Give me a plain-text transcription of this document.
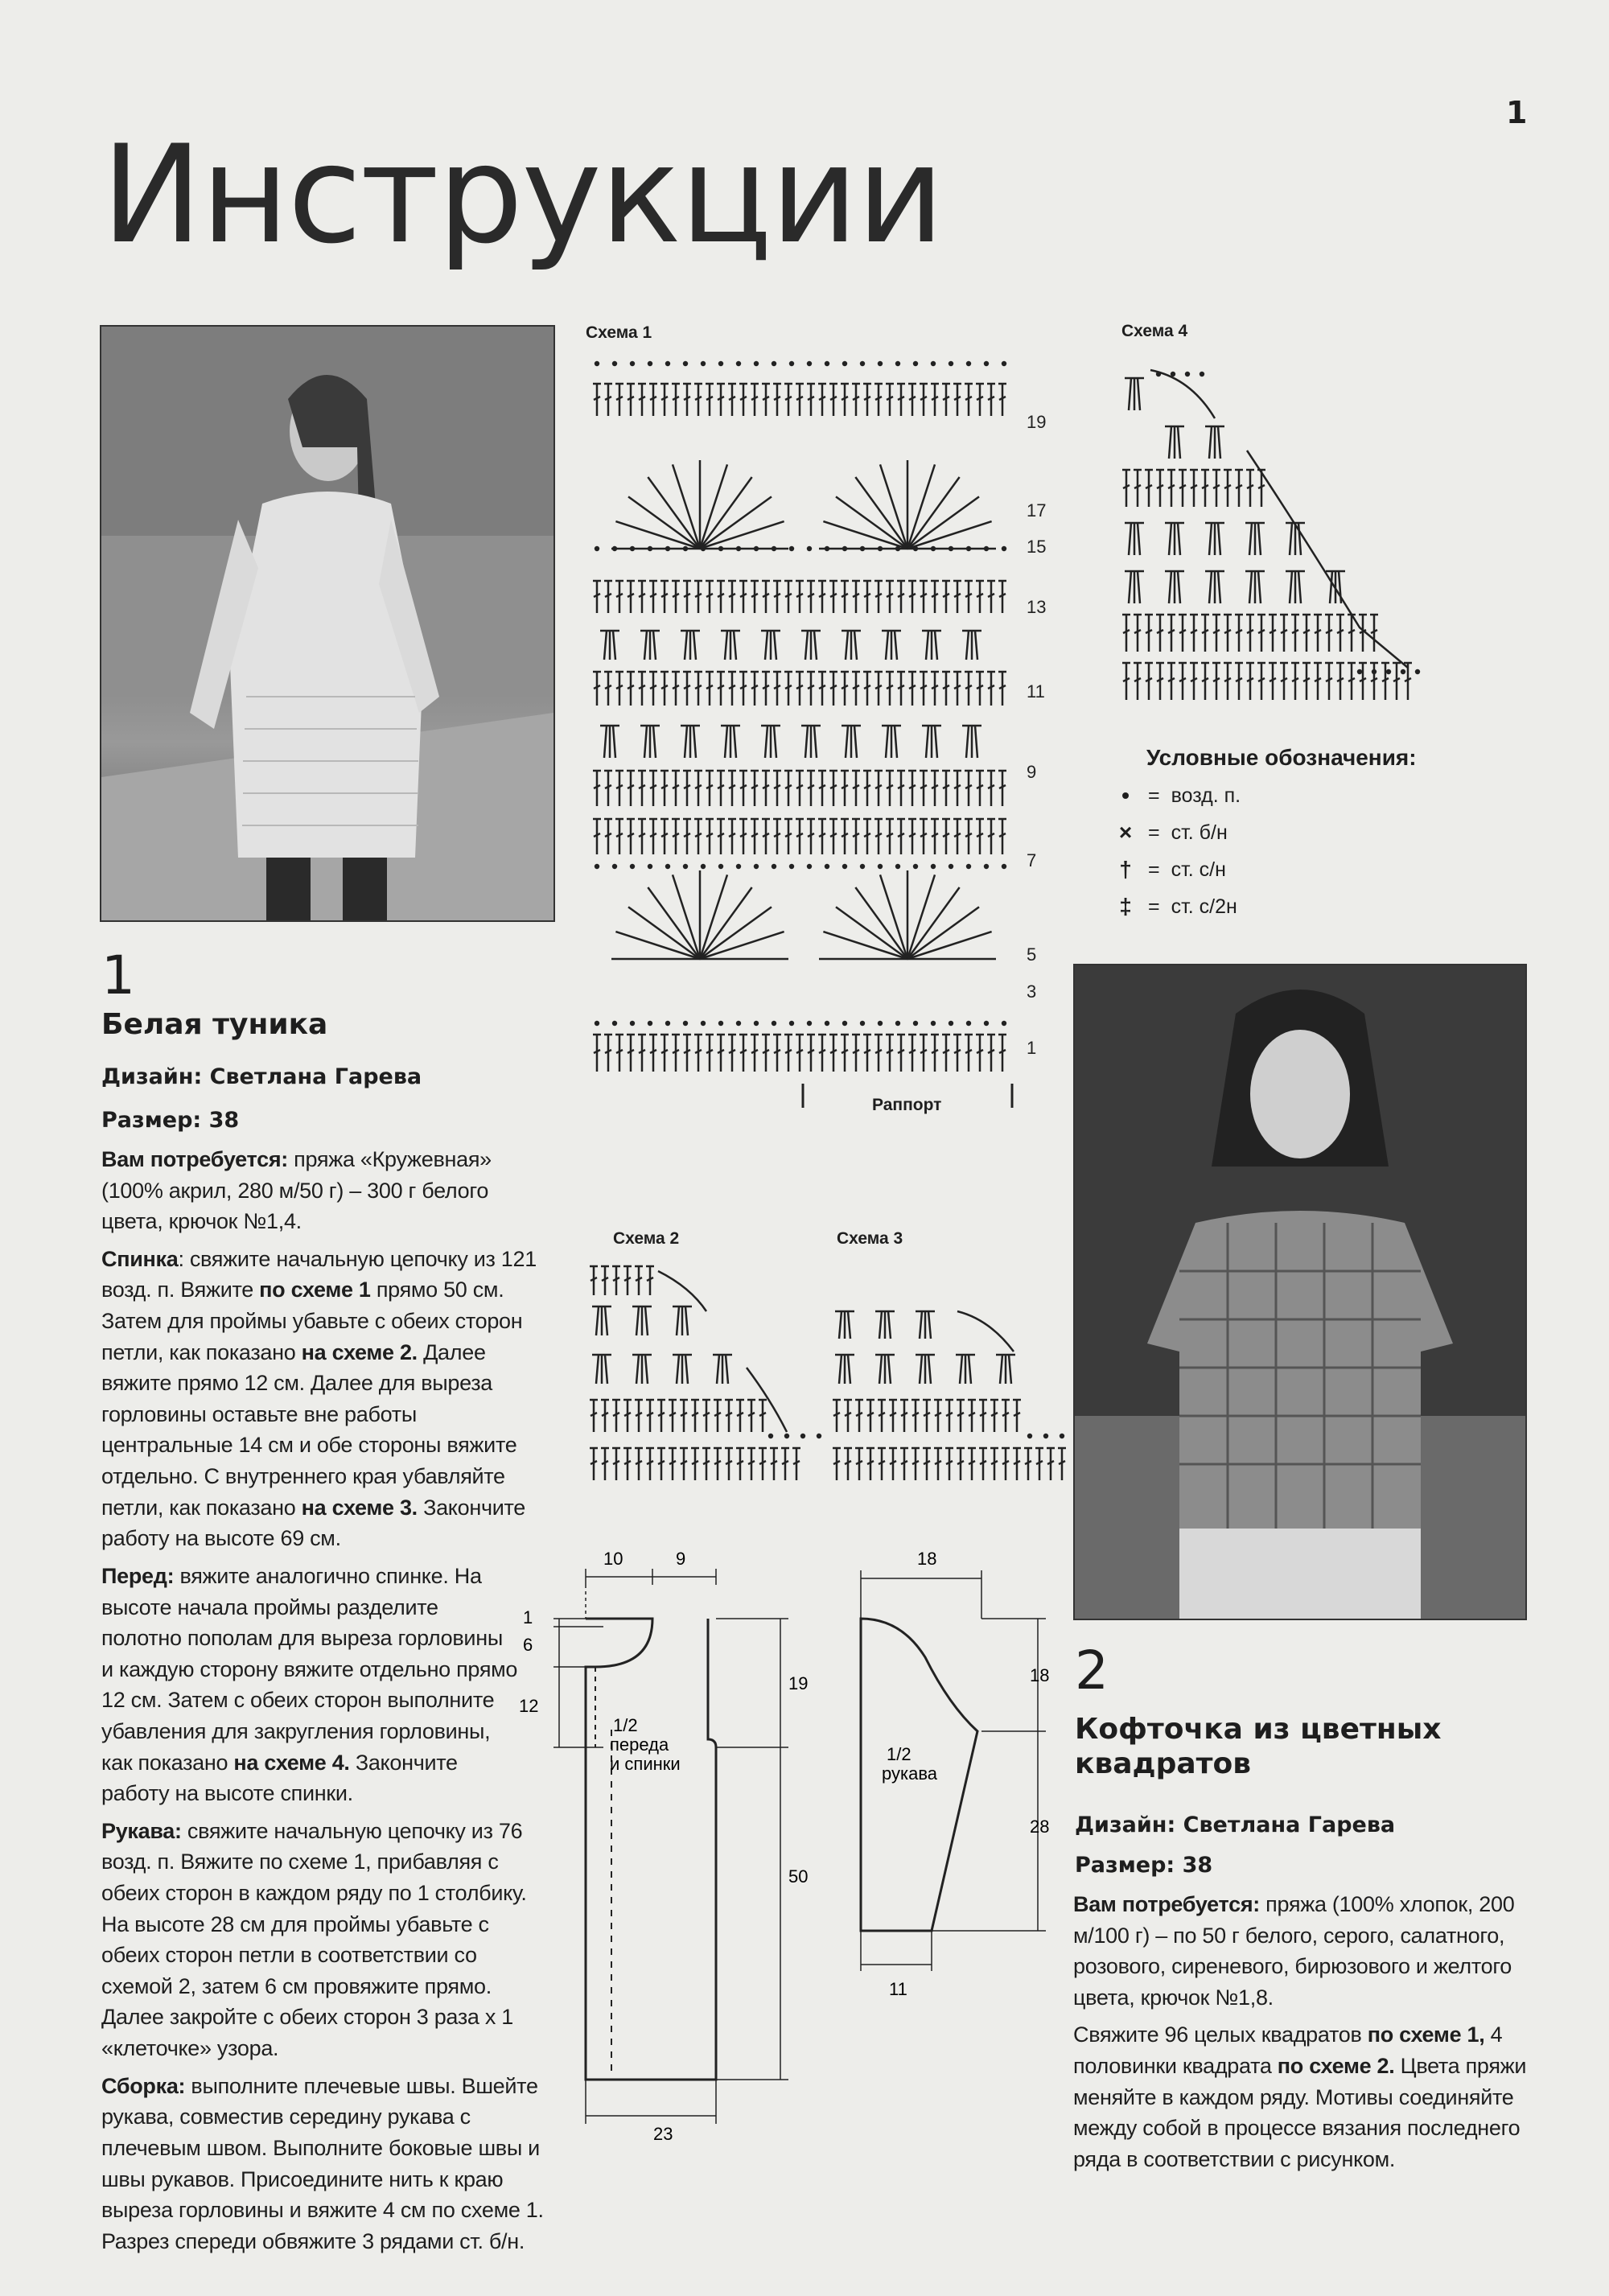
1
Инструкции
1
Белая туника
Дизайн: Светлана Гарева
Размер: 38

Вам потребуется: пряжа «Кружевная» (100% акрил, 280 м/50 г) – 300 г белого цвета, крючок №1,4.

Спинка: свяжите начальную цепочку из 121 возд. п. Вяжите по схеме 1 прямо 50 см. Затем для проймы убавьте с обеих сторон петли, как показано на схеме 2. Далее вяжите прямо 12 см. Далее для выреза горловины оставьте вне работы центральные 14 см и обе стороны вяжите отдельно. С внутреннего края убавляйте петли, как показано на схеме 3. Закончите работу на высоте 69 см.

Перед: вяжите аналогично спинке. На высоте начала проймы разделите полотно пополам для выреза горловины и каждую сторону вяжите отдельно прямо 12 см. Затем с обеих сторон выполните убавления для закругления горловины, как показано на схеме 4. Закончите работу на высоте спинки.

Рукава: свяжите начальную цепочку из 76 возд. п. Вяжите по схеме 1, прибавляя с обеих сторон в каждом ряду по 1 столбику. На высоте 28 см для проймы убавьте с обеих сторон петли в соответствии со схемой 2, затем 6 см провяжите прямо. Далее закройте с обеих сторон 3 раза x 1 «клеточке» узора.

Сборка: выполните плечевые швы. Вшейте рукава, совместив середину рукава с плечевым швом. Выполните боковые швы и швы рукавов. Присоедините нить к краю выреза горловины и вяжите 4 см по схеме 1. Разрез спереди обвяжите 3 рядами ст. б/н.

Схема 1
19
17
15
13
11
9
7
5
3
1
Раппорт
Схема 4
Условные обозначения:
• = возд. п.
× = ст. б/н
† = ст. с/н
‡ = ст. с/2н
Схема 2	Схема 3
10	9
1
6
12
19
50
23
1/2
переда
и спинки
18
18
28
11
1/2
рукава
2
Кофточка из цветных квадратов
Дизайн: Светлана Гарева
Размер: 38

Вам потребуется: пряжа (100% хлопок, 200 м/100 г) – по 50 г белого, серого, салатного, розового, сиреневого, бирюзового и желтого цвета, крючок №1,8.

Свяжите 96 целых квадратов по схеме 1, 4 половинки квадрата по схеме 2. Цвета пряжи меняйте в каждом ряду. Мотивы соединяйте между собой в процессе вязания последнего ряда в соответствии с рисунком.
